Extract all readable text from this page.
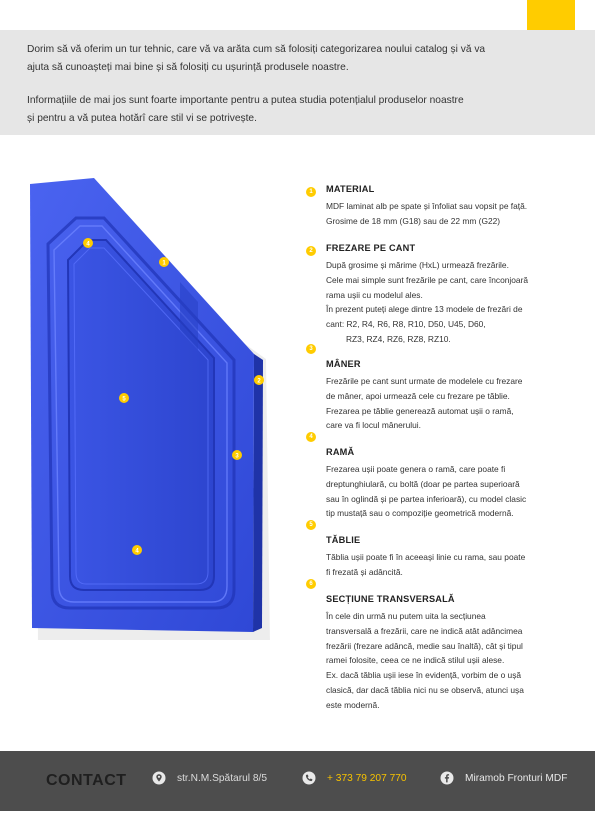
Dorim să vă oferim un tur tehnic, care vă va arăta cum să folosiți categorizarea noului catalog și vă va
ajuta să cunoașteți mai bine și să folosiți cu ușurință produsele noastre.

Informațiile de mai jos sunt foarte importante pentru a putea studia potențialul produselor noastre
și pentru a vă putea hotărî care stil vi se potrivește.

4
1
2
5
3
4
1	MATERIAL
MDF laminat alb pe spate și înfoliat sau vopsit pe față.
Grosime de 18 mm (G18) sau de 22 mm (G22)
2	FREZARE PE CANT
După grosime și mărime (HxL) urmează frezările.
Cele mai simple sunt frezările pe cant, care înconjoară
rama ușii cu modelul ales.
În prezent puteți alege dintre 13 modele de frezări de
cant: R2, R4, R6, R8, R10, D50, U45, D60,
RZ3, RZ4, RZ6, RZ8, RZ10.
3
MÂNER
Frezările pe cant sunt urmate de modelele cu frezare
de mâner, apoi urmează cele cu frezare pe tăblie.
Frezarea pe tăblie generează automat ușii o ramă,
care va fi locul mânerului.
4
RAMĂ
Frezarea ușii poate genera o ramă, care poate fi
dreptunghiulară, cu boltă (doar pe partea superioară
sau în oglindă și pe partea inferioară), cu model clasic
tip mustață sau o compoziție geometrică modernă.
5
TĂBLIE
Tăblia ușii poate fi în aceeași linie cu rama, sau poate
fi frezată și adâncită.
6
SECȚIUNE TRANSVERSALĂ
În cele din urmă nu putem uita la secțiunea
transversală a frezării, care ne indică atât adâncimea
frezării (frezare adâncă, medie sau înaltă), cât și tipul
ramei folosite, ceea ce ne indică stilul ușii alese.
Ex. dacă tăblia ușii iese în evidență, vorbim de o ușă
clasică, dar dacă tăblia nici nu se observă, atunci ușa
este modernă.
CONTACT	str.N.M.Spătarul 8/5	+ 373 79 207 770	Miramob Fronturi MDF
